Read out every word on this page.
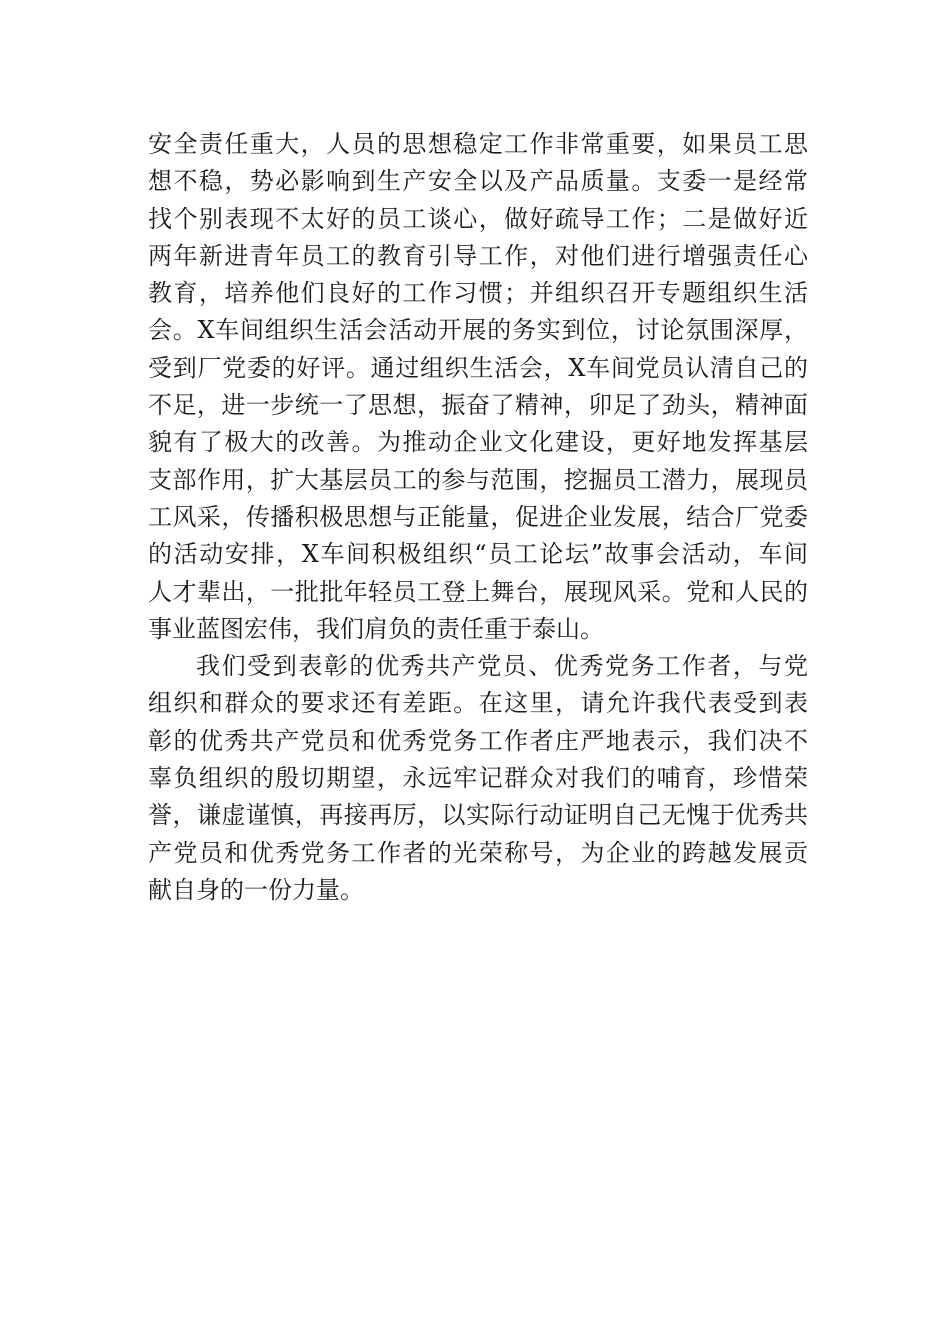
安全责任重大，人员的思想稳定工作非常重要，如果员工思
想不稳，势必影响到生产安全以及产品质量。支委一是经常
找个别表现不太好的员工谈心，做好疏导工作；二是做好近
两年新进青年员工的教育引导工作，对他们进行增强责任心
教育，培养他们良好的工作习惯；并组织召开专题组织生活
会。X车间组织生活会活动开展的务实到位，讨论氛围深厚，
受到厂党委的好评。通过组织生活会，X车间党员认清自己的
不足，进一步统一了思想，振奋了精神，卯足了劲头，精神面
貌有了极大的改善。为推动企业文化建设，更好地发挥基层
支部作用，扩大基层员工的参与范围，挖掘员工潜力，展现员
工风采，传播积极思想与正能量，促进企业发展，结合厂党委
的活动安排，X车间积极组织“员工论坛”故事会活动，车间
人才辈出，一批批年轻员工登上舞台，展现风采。党和人民的
事业蓝图宏伟，我们肩负的责任重于泰山。
我们受到表彰的优秀共产党员、优秀党务工作者，与党
组织和群众的要求还有差距。在这里，请允许我代表受到表
彰的优秀共产党员和优秀党务工作者庄严地表示，我们决不
辜负组织的殷切期望，永远牢记群众对我们的哺育，珍惜荣
誉，谦虚谨慎，再接再厉，以实际行动证明自己无愧于优秀共
产党员和优秀党务工作者的光荣称号，为企业的跨越发展贡
献自身的一份力量。
